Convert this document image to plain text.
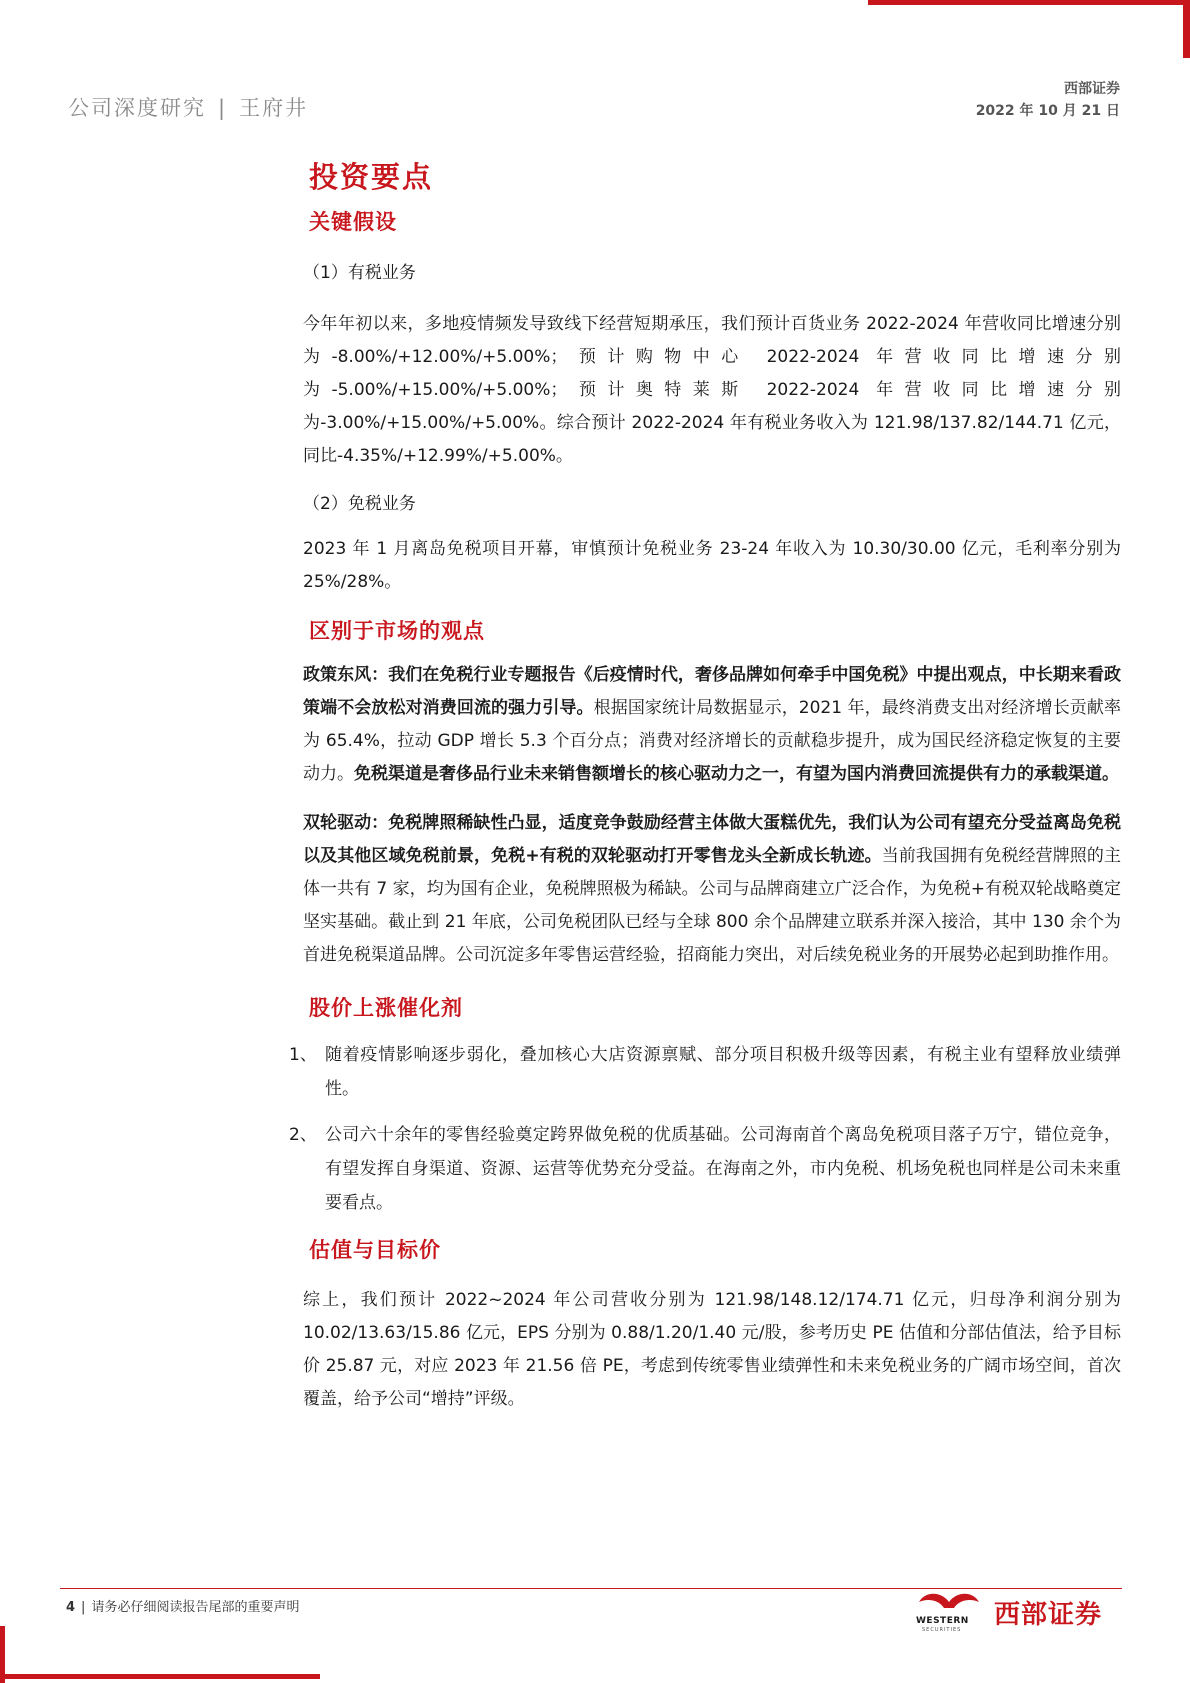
公司深度研究 | 王府井
西部证券
2022 年 10 月 21 日
投资要点
关键假设
（1）有税业务

今年年初以来，多地疫情频发导致线下经营短期承压，我们预计百货业务 2022-2024 年营收同比增速分别为-8.00%/+12.00%/+5.00%；预计购物中心 2022-2024 年营收同比增速分别为-5.00%/+15.00%/+5.00%；预计奥特莱斯 2022-2024 年营收同比增速分别为-3.00%/+15.00%/+5.00%。综合预计 2022-2024 年有税业务收入为 121.98/137.82/144.71 亿元，同比-4.35%/+12.99%/+5.00%。

（2）免税业务

2023 年 1 月离岛免税项目开幕，审慎预计免税业务 23-24 年收入为 10.30/30.00 亿元，毛利率分别为 25%/28%。

区别于市场的观点

政策东风：我们在免税行业专题报告《后疫情时代，奢侈品牌如何牵手中国免税》中提出观点，中长期来看政策端不会放松对消费回流的强力引导。根据国家统计局数据显示，2021 年，最终消费支出对经济增长贡献率为 65.4%，拉动 GDP 增长 5.3 个百分点；消费对经济增长的贡献稳步提升，成为国民经济稳定恢复的主要动力。免税渠道是奢侈品行业未来销售额增长的核心驱动力之一，有望为国内消费回流提供有力的承载渠道。

双轮驱动：免税牌照稀缺性凸显，适度竞争鼓励经营主体做大蛋糕优先，我们认为公司有望充分受益离岛免税以及其他区域免税前景，免税+有税的双轮驱动打开零售龙头全新成长轨迹。当前我国拥有免税经营牌照的主体一共有 7 家，均为国有企业，免税牌照极为稀缺。公司与品牌商建立广泛合作，为免税+有税双轮战略奠定坚实基础。截止到 21 年底，公司免税团队已经与全球 800 余个品牌建立联系并深入接洽，其中 130 余个为首进免税渠道品牌。公司沉淀多年零售运营经验，招商能力突出，对后续免税业务的开展势必起到助推作用。

股价上涨催化剂
1、 随着疫情影响逐步弱化，叠加核心大店资源禀赋、部分项目积极升级等因素，有税主业有望释放业绩弹性。
2、 公司六十余年的零售经验奠定跨界做免税的优质基础。公司海南首个离岛免税项目落子万宁，错位竞争，有望发挥自身渠道、资源、运营等优势充分受益。在海南之外，市内免税、机场免税也同样是公司未来重要看点。
估值与目标价

综上，我们预计 2022~2024 年公司营收分别为 121.98/148.12/174.71 亿元，归母净利润分别为 10.02/13.63/15.86 亿元，EPS 分别为 0.88/1.20/1.40 元/股，参考历史 PE 估值和分部估值法，给予目标价 25.87 元，对应 2023 年 21.56 倍 PE，考虑到传统零售业绩弹性和未来免税业务的广阔市场空间，首次覆盖，给予公司“增持”评级。

4 | 请务必仔细阅读报告尾部的重要声明
WESTERN
SECURITIES 西部证券
